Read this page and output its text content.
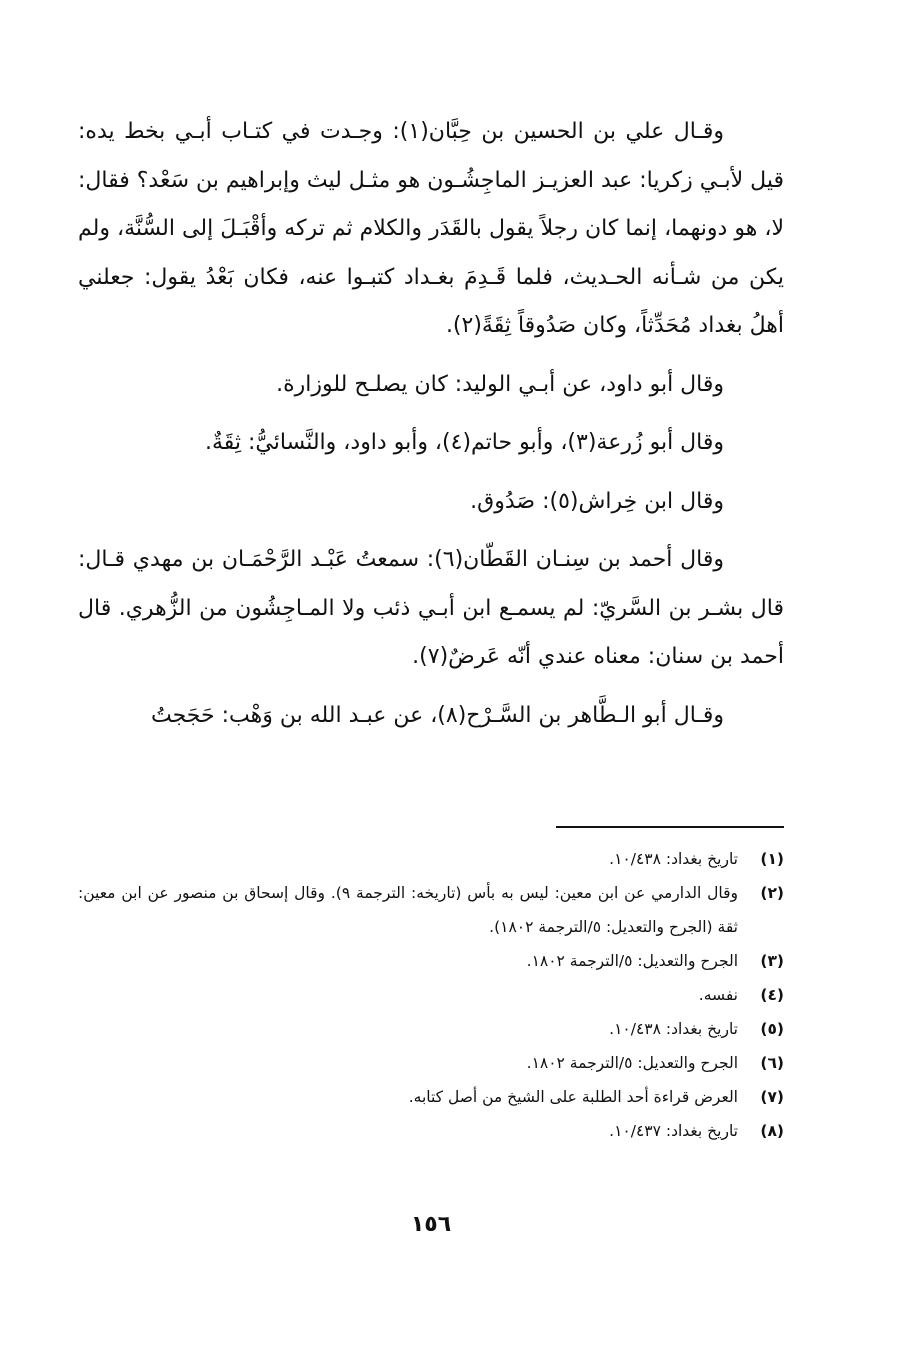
وقـال علي بن الحسين بن حِبَّان(١): وجـدت في كتـاب أبـي بخط يده: قيل لأبـي زكريا: عبد العزيـز الماجِشُـون هو مثـل ليث وإبراهيم بن سَعْد؟ فقال: لا، هو دونهما، إنما كان رجلاً يقول بالقَدَر والكلام ثم تركه وأقْبَـلَ إلى السُّنَّة، ولم يكن من شـأنه الحـديث، فلما قَـدِمَ بغـداد كتبـوا عنه، فكان بَعْدُ يقول: جعلني أهلُ بغداد مُحَدِّثاً، وكان صَدُوقاً ثِقَةً(٢).

وقال أبو داود، عن أبـي الوليد: كان يصلـح للوزارة.

وقال أبو زُرعة(٣)، وأبو حاتم(٤)، وأبو داود، والنَّسائيُّ: ثِقَةٌ.

وقال ابن خِراش(٥): صَدُوق.

وقال أحمد بن سِنـان القَطّان(٦): سمعتُ عَبْـد الرَّحْمَـان بن مهدي قـال: قال بشـر بن السَّريّ: لم يسمـع ابن أبـي ذئب ولا المـاجِشُون من الزُّهري. قال أحمد بن سنان: معناه عندي أنّه عَرضٌ(٧).

وقـال أبو الـطَّاهر بن السَّـرْح(٨)، عن عبـد الله بن وَهْب: حَجَجتُ

(١)
تاريخ بغداد: ١٠/٤٣٨.
(٢)
وقال الدارمي عن ابن معين: ليس به بأس (تاريخه: الترجمة ٩). وقال إسحاق بن منصور عن ابن معين: ثقة (الجرح والتعديل: ٥/الترجمة ١٨٠٢).
(٣)
الجرح والتعديل: ٥/الترجمة ١٨٠٢.
(٤)
نفسه.
(٥)
تاريخ بغداد: ١٠/٤٣٨.
(٦)
الجرح والتعديل: ٥/الترجمة ١٨٠٢.
(٧)
العرض قراءة أحد الطلبة على الشيخ من أصل كتابه.
(٨)
تاريخ بغداد: ١٠/٤٣٧.
١٥٦
